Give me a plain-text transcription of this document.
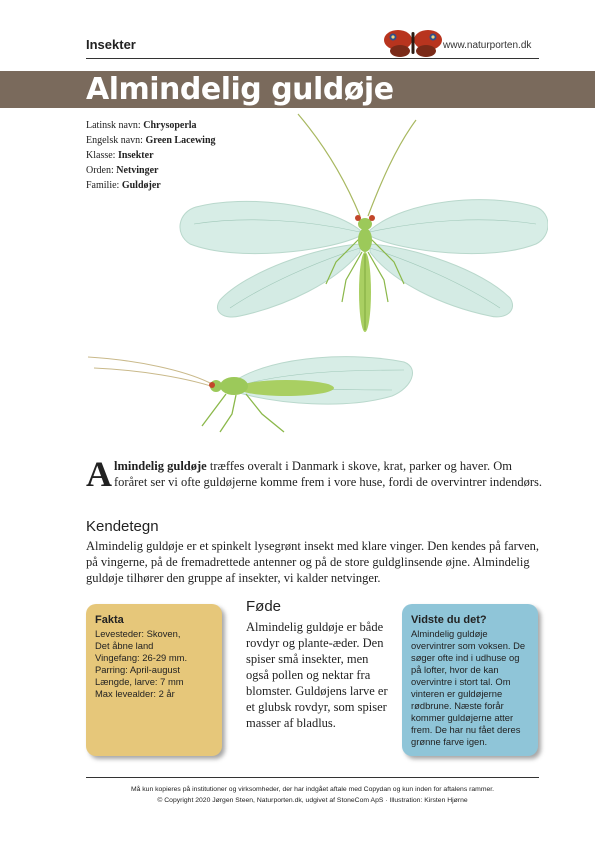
Insekter	www.naturporten.dk
Almindelig guldøje
Latinsk navn: Chrysoperla
Engelsk navn: Green Lacewing
Klasse: Insekter
Orden: Netvinger
Familie: Guldøjer

Almindelig guldøje træffes overalt i Danmark i skove, krat, parker og haver. Om foråret ser vi ofte guldøjerne komme frem i vore huse, fordi de overvintrer indendørs.

Kendetegn

Almindelig guldøje er et spinkelt lysegrønt insekt med klare vinger. Den kendes på farven, på vingerne, på de fremadrettede antenner og på de store guldglinsende øjne. Almindelig guldøje tilhører den gruppe af insekter, vi kalder netvinger.

Fakta
Levesteder: Skoven,
Det åbne land
Vingefang: 26-29 mm.
Parring: April-august
Længde, larve: 7 mm
Max levealder: 2 år
Føde

Almindelig guldøje er både rovdyr og plante-æder. Den spiser små insekter, men også pollen og nektar fra blomster. Guldøjens larve er et glubsk rovdyr, som spiser masser af bladlus.

Vidste du det?
Almindelig guldøje overvintrer som voksen. De søger ofte ind i udhuse og på lofter, hvor de kan overvintre i stort tal. Om vinteren er guldøjerne rødbrune. Næste forår kommer guldøjerne atter frem. De har nu fået deres grønne farve igen.
Må kun kopieres på institutioner og virksomheder, der har indgået aftale med Copydan og kun inden for aftalens rammer.
© Copyright 2020 Jørgen Steen, Naturporten.dk, udgivet af StoneCom ApS · Illustration: Kirsten Hjørne
